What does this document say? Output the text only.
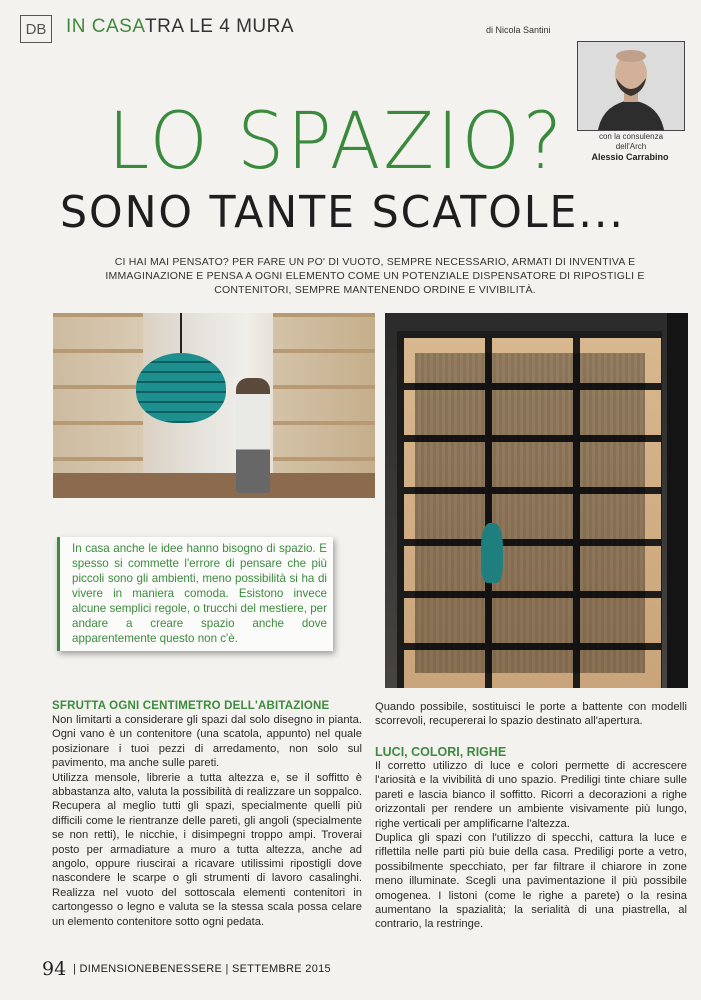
DB IN CASA TRA LE 4 MURA	di Nicola Santini
con la consulenza dell'Arch
Alessio Carrabino
LO SPAZIO?
SONO TANTE SCATOLE...
CI HAI MAI PENSATO? PER FARE UN PO' DI VUOTO, SEMPRE NECESSARIO, ARMATI DI INVENTIVA E IMMAGINAZIONE E PENSA A OGNI ELEMENTO COME UN POTENZIALE DISPENSATORE DI RIPOSTIGLI E CONTENITORI, SEMPRE MANTENENDO ORDINE E VIVIBILITÀ.
In casa anche le idee hanno bisogno di spazio. E spesso si commette l'errore di pensare che più piccoli sono gli ambienti, meno possibilità si ha di vivere in maniera comoda. Esistono invece alcune semplici regole, o trucchi del mestiere, per andare a creare spazio anche dove apparentemente questo non c'è.
SFRUTTA OGNI CENTIMETRO DELL'ABITAZIONE

Non limitarti a considerare gli spazi dal solo disegno in pianta. Ogni vano è un contenitore (una scatola, appunto) nel quale posizionare i tuoi pezzi di arredamento, non solo sul pavimento, ma anche sulle pareti.

Utilizza mensole, librerie a tutta altezza e, se il soffitto è abbastanza alto, valuta la possibilità di realizzare un soppalco. Recupera al meglio tutti gli spazi, specialmente quelli più difficili come le rientranze delle pareti, gli angoli (specialmente se non retti), le nicchie, i disimpegni troppo ampi. Troverai posto per armadiature a muro a tutta altezza, anche ad angolo, oppure riuscirai a ricavare utilissimi ripostigli dove nascondere le scarpe o gli strumenti di lavoro casalinghi. Realizza nel vuoto del sottoscala elementi contenitori in cartongesso o legno e valuta se la stessa scala possa celare un elemento contenitore sotto ogni pedata.

Quando possibile, sostituisci le porte a battente con modelli scorrevoli, recupererai lo spazio destinato all'apertura.
LUCI, COLORI, RIGHE

Il corretto utilizzo di luce e colori permette di accrescere l'ariosità e la vivibilità di uno spazio. Prediligi tinte chiare sulle pareti e lascia bianco il soffitto. Ricorri a decorazioni a righe orizzontali per rendere un ambiente visivamente più lungo, righe verticali per amplificarne l'altezza.

Duplica gli spazi con l'utilizzo di specchi, cattura la luce e riflettila nelle parti più buie della casa. Prediligi porte a vetro, possibilmente specchiato, per far filtrare il chiarore in zone meno illuminate. Scegli una pavimentazione il più possibile omogenea. I listoni (come le righe a parete) o la resina aumentano la spazialità; la serialità di una piastrella, al contrario, la restringe.

94 | DIMENSIONEBENESSERE | SETTEMBRE 2015
